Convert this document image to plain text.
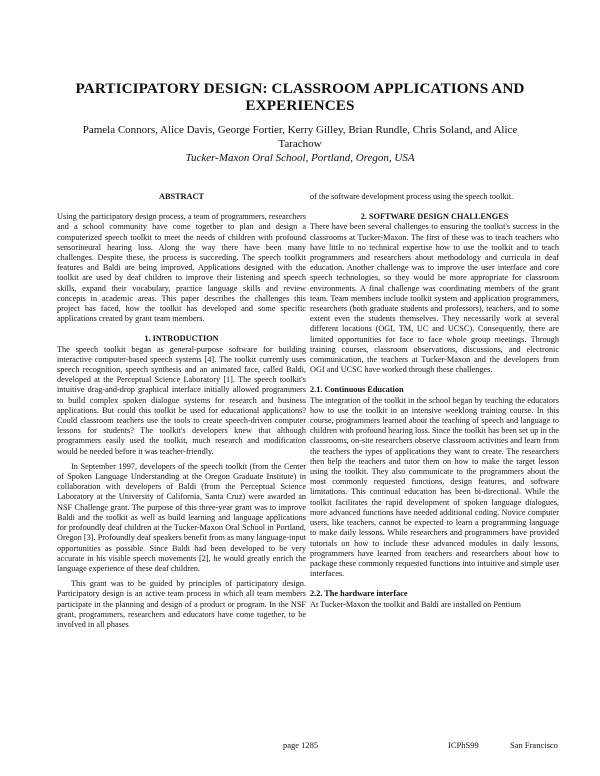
PARTICIPATORY DESIGN: CLASSROOM APPLICATIONS AND EXPERIENCES
Pamela Connors, Alice Davis, George Fortier, Kerry Gilley, Brian Rundle, Chris Soland, and Alice Tarachow
Tucker-Maxon Oral School, Portland, Oregon, USA
ABSTRACT

Using the participatory design process, a team of programmers, researchers and a school community have come together to plan and design a computerized speech toolkit to meet the needs of children with profound sensorineural hearing loss. Along the way there have been many challenges. Despite these, the process is succeeding. The speech toolkit features and Baldi are being improved. Applications designed with the toolkit are used by deaf children to improve their listening and speech skills, expand their vocabulary, practice language skills and review concepts in academic areas. This paper describes the challenges this project has faced, how the toolkit has developed and some specific applications created by grant team members.

1. INTRODUCTION

The speech toolkit began as general-purpose software for building interactive computer-based speech systems [4]. The toolkit currently uses speech recognition, speech synthesis and an animated face, called Baldi, developed at the Perceptual Science Laboratory [1]. The speech toolkit's intuitive drag-and-drop graphical interface initially allowed programmers to build complex spoken dialogue systems for research and business applications. But could this toolkit be used for educational applications? Could classroom teachers use the tools to create speech-driven computer lessons for students? The toolkit's developers knew that although programmers easily used the toolkit, much research and modification would be needed before it was teacher-friendly.

In September 1997, developers of the speech toolkit (from the Center of Spoken Language Understanding at the Oregon Graduate Institute) in collaboration with developers of Baldi (from the Perceptual Science Laboratory at the University of California, Santa Cruz) were awarded an NSF Challenge grant. The purpose of this three-year grant was to improve Baldi and the toolkit as well as build learning and language applications for profoundly deaf children at the Tucker-Maxon Oral School in Portland, Oregon [3]. Profoundly deaf speakers benefit from as many language-input opportunities as possible. Since Baldi had been developed to be very accurate in his visible speech movements [2], he would greatly enrich the language experience of these deaf children.

This grant was to be guided by principles of participatory design. Participatory design is an active team process in which all team members participate in the planning and design of a product or program. In the NSF grant, programmers, researchers and educators have come together, to be involved in all phases

of the software development process using the speech toolkit.

2. SOFTWARE DESIGN CHALLENGES

There have been several challenges to ensuring the toolkit's success in the classrooms at Tucker-Maxon. The first of these was to teach teachers who have little to no technical expertise how to use the toolkit and to teach programmers and researchers about methodology and curricula in deaf education. Another challenge was to improve the user interface and core speech technologies, so they would be more appropriate for classroom environments. A final challenge was coordinating members of the grant team. Team members include toolkit system and application programmers, researchers (both graduate students and professors), teachers, and to some extent even the students themselves. They necessarily work at several different locations (OGI, TM, UC and UCSC). Consequently, there are limited opportunities for face to face whole group meetings. Through training courses, classroom observations, discussions, and electronic communication, the teachers at Tucker-Maxon and the developers from OGI and UCSC have worked through these challenges.

2.1. Continuous Education

The integration of the toolkit in the school began by teaching the educators how to use the toolkit in an intensive weeklong training course. In this course, programmers learned about the teaching of speech and language to children with profound hearing loss. Since the toolkit has been set up in the classrooms, on-site researchers observe classroom activities and learn from the teachers the types of applications they want to create. The researchers then help the teachers and tutor them on how to make the target lesson using the toolkit. They also communicate to the programmers about the most commonly requested functions, design features, and software limitations. This continual education has been bi-directional. While the toolkit facilitates the rapid development of spoken language dialogues, more advanced functions have needed additional coding. Novice computer users, like teachers, cannot be expected to learn a programming language to make daily lessons. While researchers and programmers have provided tutorials on how to include these advanced modules in daily lessons, programmers have learned from teachers and researchers about how to package these commonly requested functions into intuitive and simple user interfaces.

2.2. The hardware interface

At Tucker-Maxon the toolkit and Baldi are installed on Pentium

page 1285	ICPhS99	San Francisco
